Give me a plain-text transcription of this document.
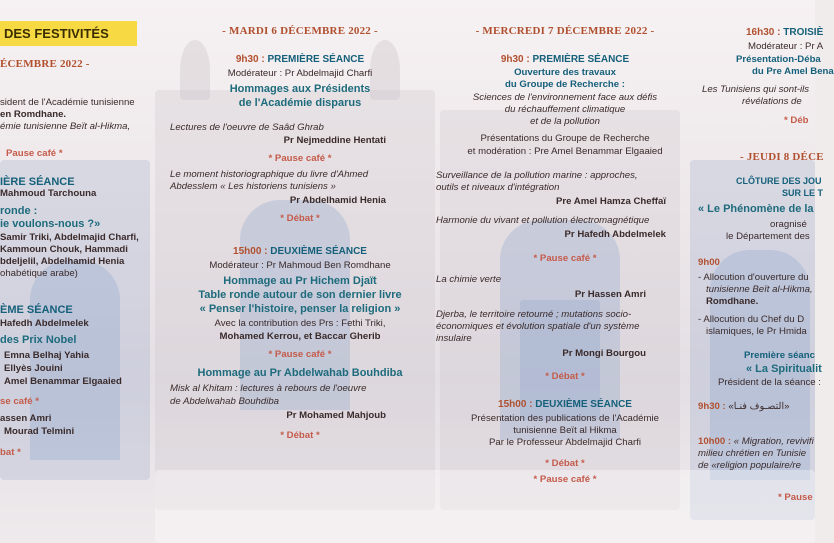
DES FESTIVITÉS
ÉCEMBRE 2022 -
sident de l'Académie tunisienne
en Romdhane.
émie tunisienne Beït al-Hikma,
Pause café *
IÈRE SÉANCE
Mahmoud Tarchouna
ronde :
ie voulons-nous ?»
Samir Triki, Abdelmajid Charfi,
Kammoun Chouk, Hammadi
bdeljelil, Abdelhamid Henia
ohabétique arabe)
ÈME SÉANCE
Hafedh Abdelmelek
des Prix Nobel
Emna Belhaj Yahia
Ellyès Jouini
Amel Benammar Elgaaied
se café *
assen Amri
Mourad Telmini
bat *
- MARDI 6 DÉCEMBRE 2022 -
9h30 : PREMIÈRE SÉANCE
Modérateur : Pr Abdelmajid Charfi
Hommages aux Présidents
de l'Académie disparus
Lectures de l'oeuvre de Saâd Ghrab
Pr Nejmeddine Hentati
* Pause café *
Le moment historiographique du livre d'Ahmed
Abdesslem « Les historiens tunisiens »
Pr Abdelhamid Henia
* Débat *
15h00 : DEUXIÈME SÉANCE
Modérateur : Pr Mahmoud Ben Romdhane
Hommage au Pr Hichem Djaït
Table ronde autour de son dernier livre
« Penser l'histoire, penser la religion »
Avec la contribution des Prs : Fethi Triki,
Mohamed Kerrou, et Baccar Gherib
* Pause café *
Hommage au Pr Abdelwahab Bouhdiba
Misk al Khitam : lectures à rebours de l'oeuvre
de Abdelwahab Bouhdiba
Pr Mohamed Mahjoub
* Débat *
- MERCREDI 7 DÉCEMBRE 2022 -
9h30 : PREMIÈRE SÉANCE
Ouverture des travaux
du Groupe de Recherche :
Sciences de l'environnement face aux défis
du réchauffement climatique
et de la pollution
Présentations du Groupe de Recherche
et modération : Pre Amel Benammar Elgaaied
Surveillance de la pollution marine : approches,
outils et niveaux d'intégration
Pre Amel Hamza Cheffaï
Harmonie du vivant et pollution électromagnétique
Pr Hafedh Abdelmelek
* Pause café *
La chimie verte
Pr Hassen Amri
Djerba, le territoire retourné ; mutations socio-
économiques et évolution spatiale d'un système
insulaire
Pr Mongi Bourgou
* Débat *
15h00 : DEUXIÈME SÉANCE
Présentation des publications de l'Académie
tunisienne Beït al Hikma
Par le Professeur Abdelmajid Charfi
* Débat *
* Pause café *
16h30 : TROISIÈ
Modérateur : Pr A
Présentation-Déba
du Pre Amel Bena
Les Tunisiens qui sont-ils
révélations de
* Déb
- JEUDI 8 DÉCE
CLÔTURE DES JOU
SUR LE T
« Le Phénomène de la
oragnisé
le Département des
9h00
- Allocution d'ouverture du
tunisienne Beït al-Hikma,
Romdhane.
- Allocution du Chef du D
islamiques, le Pr Hmida
Première séanc
« La Spiritualit
Président de la séance :
9h30 : «التصـوف فنـا»
10h00 : « Migration, revivifi
milieu chrétien en Tunisie
de «religion populaire/re
* Pause
